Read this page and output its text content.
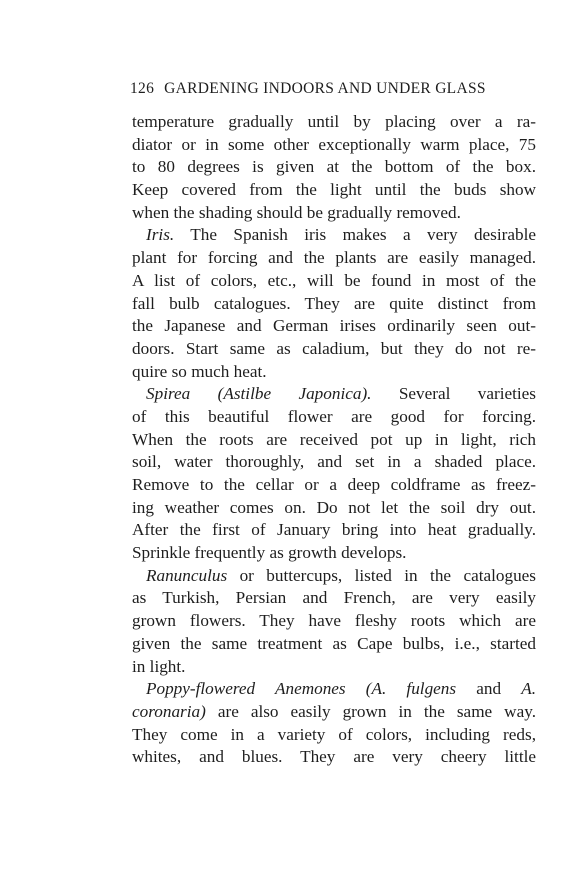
126 GARDENING INDOORS AND UNDER GLASS
temperature gradually until by placing over a ra-
diator or in some other exceptionally warm place, 75
to 80 degrees is given at the bottom of the box.
Keep covered from the light until the buds show
when the shading should be gradually removed.
Iris. The Spanish iris makes a very desirable
plant for forcing and the plants are easily managed.
A list of colors, etc., will be found in most of the
fall bulb catalogues. They are quite distinct from
the Japanese and German irises ordinarily seen out-
doors. Start same as caladium, but they do not re-
quire so much heat.
Spirea (Astilbe Japonica). Several varieties
of this beautiful flower are good for forcing.
When the roots are received pot up in light, rich
soil, water thoroughly, and set in a shaded place.
Remove to the cellar or a deep coldframe as freez-
ing weather comes on. Do not let the soil dry out.
After the first of January bring into heat gradually.
Sprinkle frequently as growth develops.
Ranunculus or buttercups, listed in the catalogues
as Turkish, Persian and French, are very easily
grown flowers. They have fleshy roots which are
given the same treatment as Cape bulbs, i.e., started
in light.
Poppy-flowered Anemones (A. fulgens and A.
coronaria) are also easily grown in the same way.
They come in a variety of colors, including reds,
whites, and blues. They are very cheery little
